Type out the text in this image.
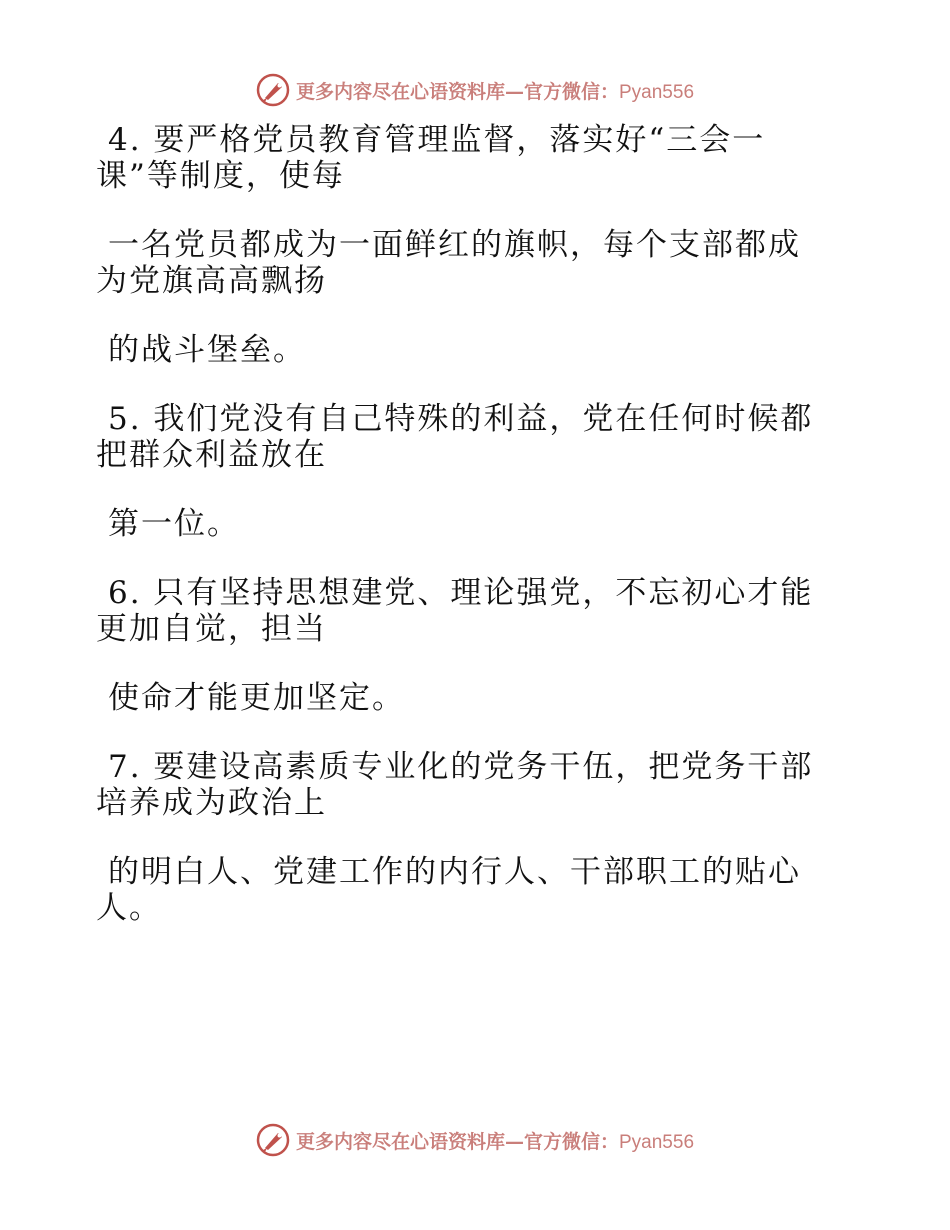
更多内容尽在心语资料库—官方微信：Pyan556
4. 要严格党员教育管理监督，落实好“三会一
课”等制度，使每
一名党员都成为一面鲜红的旗帜，每个支部都成
为党旗高高飘扬
的战斗堡垒。
5. 我们党没有自己特殊的利益，党在任何时候都
把群众利益放在
第一位。
6. 只有坚持思想建党、理论强党，不忘初心才能
更加自觉，担当
使命才能更加坚定。
7. 要建设高素质专业化的党务干伍，把党务干部
培养成为政治上
的明白人、党建工作的内行人、干部职工的贴心
人。
更多内容尽在心语资料库—官方微信：Pyan556
